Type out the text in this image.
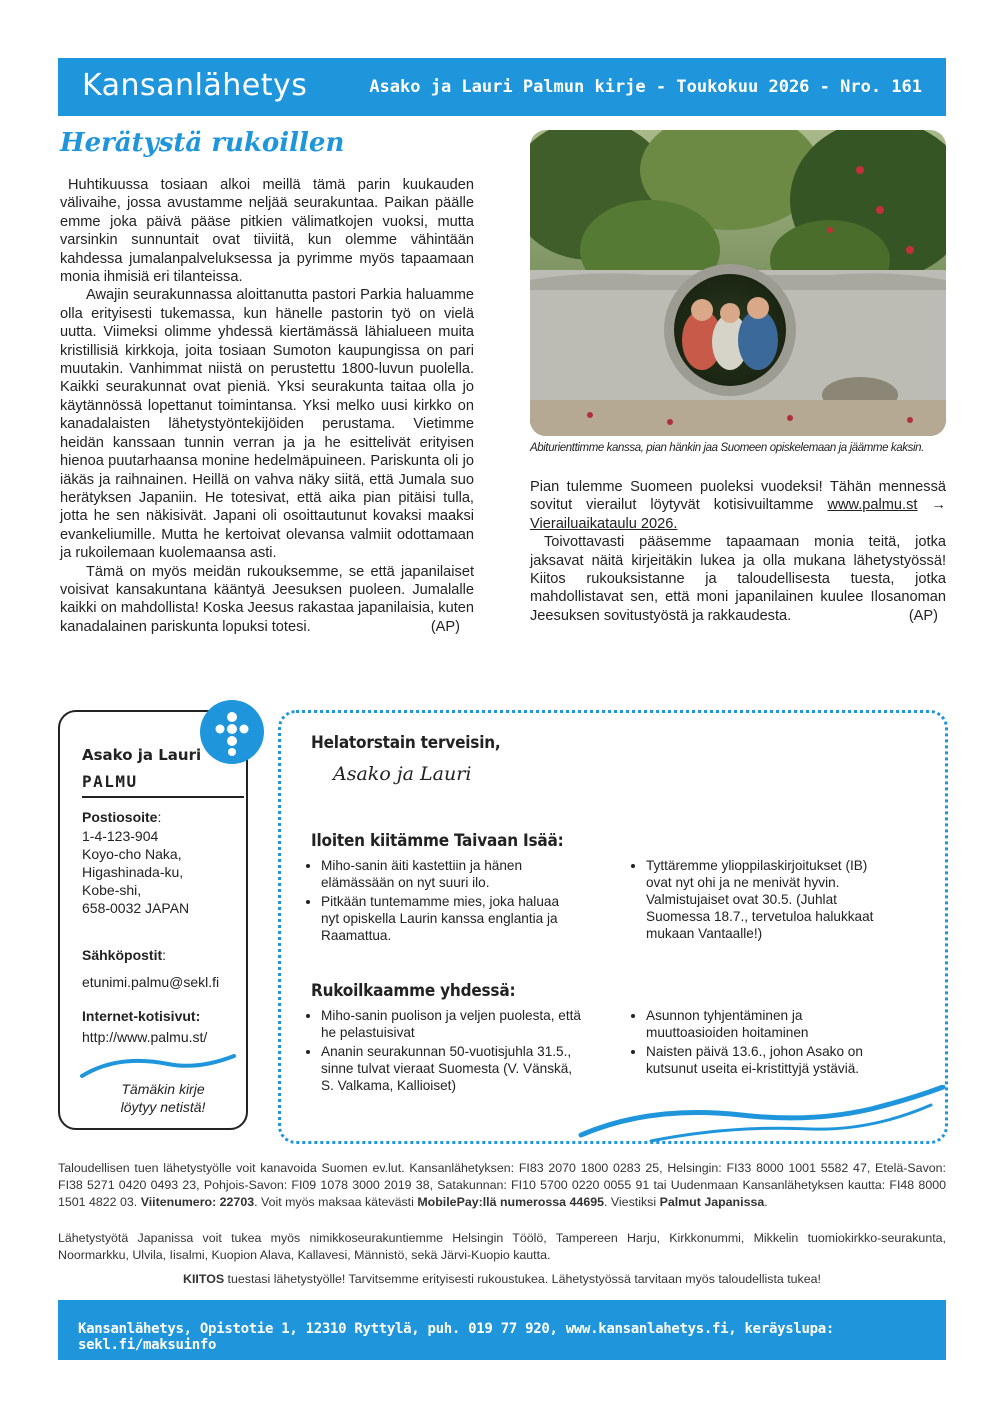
Kansanlähetys	Asako ja Lauri Palmun kirje - Toukokuu 2026 - Nro. 161
Herätystä rukoillen

Huhtikuussa tosiaan alkoi meillä tämä parin kuukauden välivaihe, jossa avustamme neljää seurakuntaa. Paikan päälle emme joka päivä pääse pitkien välimatkojen vuoksi, mutta varsinkin sunnuntait ovat tiiviitä, kun olemme vähintään kahdessa jumalanpalveluksessa ja pyrimme myös tapaamaan monia ihmisiä eri tilanteissa.

Awajin seurakunnassa aloittanutta pastori Parkia haluamme olla erityisesti tukemassa, kun hänelle pastorin työ on vielä uutta. Viimeksi olimme yhdessä kiertämässä lähialueen muita kristillisiä kirkkoja, joita tosiaan Sumoton kaupungissa on pari muutakin. Vanhimmat niistä on perustettu 1800-luvun puolella. Kaikki seurakunnat ovat pieniä. Yksi seurakunta taitaa olla jo käytännössä lopettanut toimintansa. Yksi melko uusi kirkko on kanadalaisten lähetystyöntekijöiden perustama. Vietimme heidän kanssaan tunnin verran ja ja he esittelivät erityisen hienoa puutarhaansa monine hedelmäpuineen. Pariskunta oli jo iäkäs ja raihnainen. Heillä on vahva näky siitä, että Jumala suo herätyksen Japaniin. He totesivat, että aika pian pitäisi tulla, jotta he sen näkisivät. Japani oli osoittautunut kovaksi maaksi evankeliumille. Mutta he kertoivat olevansa valmiit odottamaan ja rukoilemaan kuolemaansa asti.

Tämä on myös meidän rukouksemme, se että japanilaiset voisivat kansakuntana kääntyä Jeesuksen puoleen. Jumalalle kaikki on mahdollista! Koska Jeesus rakastaa japanilaisia, kuten kanadalainen pariskunta lopuksi totesi.	(AP)

Abiturienttimme kanssa, pian hänkin jaa Suomeen opiskelemaan ja jäämme kaksin.

Pian tulemme Suomeen puoleksi vuodeksi! Tähän mennessä sovitut vierailut löytyvät kotisivuiltamme www.palmu.st → Vierailuaikataulu 2026.

Toivottavasti pääsemme tapaamaan monia teitä, jotka jaksavat näitä kirjeitäkin lukea ja olla mukana lähetystyössä! Kiitos rukouksistanne ja taloudellisesta tuesta, jotka mahdollistavat sen, että moni japanilainen kuulee Ilosanoman Jeesuksen sovitustyöstä ja rakkaudesta.	(AP)

Asako ja Lauri
PALMU
Postiosoite:
1-4-123-904
Koyo-cho Naka,
Higashinada-ku,
Kobe-shi,
658-0032 JAPAN
Sähköpostit:
etunimi.palmu@sekl.fi
Internet-kotisivut:
http://www.palmu.st/
Tämäkin kirje
löytyy netistä!
Helatorstain terveisin,
Asako ja Lauri
Iloiten kiitämme Taivaan Isää:
• Miho-sanin äiti kastettiin ja hänen elämässään on nyt suuri ilo.
• Pitkään tuntemamme mies, joka haluaa nyt opiskella Laurin kanssa englantia ja Raamattua.
• Tyttäremme ylioppilaskirjoitukset (IB) ovat nyt ohi ja ne menivät hyvin. Valmistujaiset ovat 30.5. (Juhlat Suomessa 18.7., tervetuloa halukkaat mukaan Vantaalle!)
Rukoilkaamme yhdessä:
• Miho-sanin puolison ja veljen puolesta, että he pelastuisivat
• Ananin seurakunnan 50-vuotisjuhla 31.5., sinne tulvat vieraat Suomesta (V. Vänskä, S. Valkama, Kallioiset)
• Asunnon tyhjentäminen ja muuttoasioiden hoitaminen
• Naisten päivä 13.6., johon Asako on kutsunut useita ei-kristittyjä ystäviä.
Taloudellisen tuen lähetystyölle voit kanavoida Suomen ev.lut. Kansanlähetyksen: FI83 2070 1800 0283 25, Helsingin: FI33 8000 1001 5582 47, Etelä-Savon: FI38 5271 0420 0493 23, Pohjois-Savon: FI09 1078 3000 2019 38, Satakunnan: FI10 5700 0220 0055 91 tai Uudenmaan Kansanlähetyksen kautta: FI48 8000 1501 4822 03. Viitenumero: 22703. Voit myös maksaa kätevästi MobilePay:llä numerossa 44695. Viestiksi Palmut Japanissa.
Lähetystyötä Japanissa voit tukea myös nimikkoseurakuntiemme Helsingin Töölö, Tampereen Harju, Kirkkonummi, Mikkelin tuomiokirkko-seurakunta, Noormarkku, Ulvila, Iisalmi, Kuopion Alava, Kallavesi, Männistö, sekä Järvi-Kuopio kautta.
KIITOS tuestasi lähetystyölle! Tarvitsemme erityisesti rukoustukea. Lähetystyössä tarvitaan myös taloudellista tukea!
Kansanlähetys, Opistotie 1, 12310 Ryttylä, puh. 019 77 920, www.kansanlahetys.fi, keräyslupa: sekl.fi/maksuinfo
